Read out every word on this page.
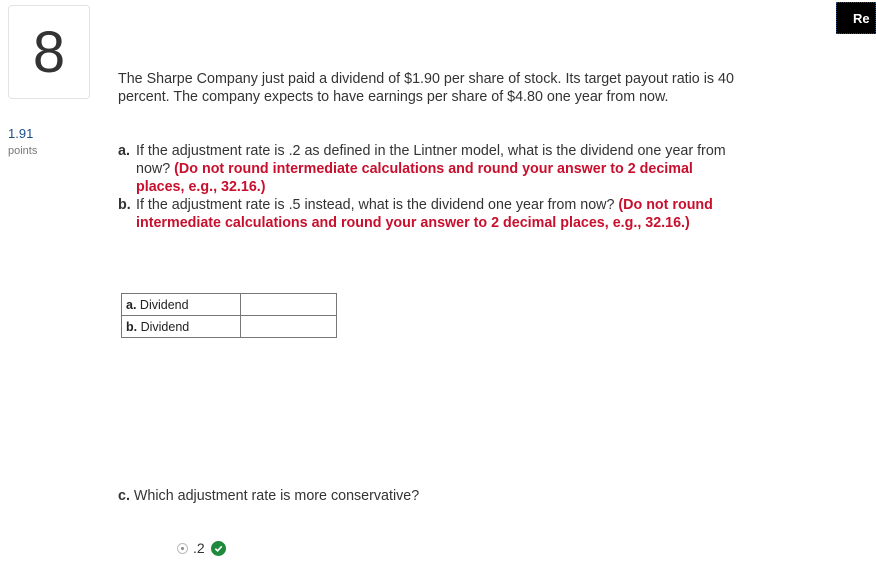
8
1.91
points
Re
The Sharpe Company just paid a dividend of $1.90 per share of stock. Its target payout ratio is 40 percent. The company expects to have earnings per share of $4.80 one year from now.

a. If the adjustment rate is .2 as defined in the Lintner model, what is the dividend one year from now? (Do not round intermediate calculations and round your answer to 2 decimal places, e.g., 32.16.)

b. If the adjustment rate is .5 instead, what is the dividend one year from now? (Do not round intermediate calculations and round your answer to 2 decimal places, e.g., 32.16.)

a. Dividend	
b. Dividend	
c. Which adjustment rate is more conservative?
.2
